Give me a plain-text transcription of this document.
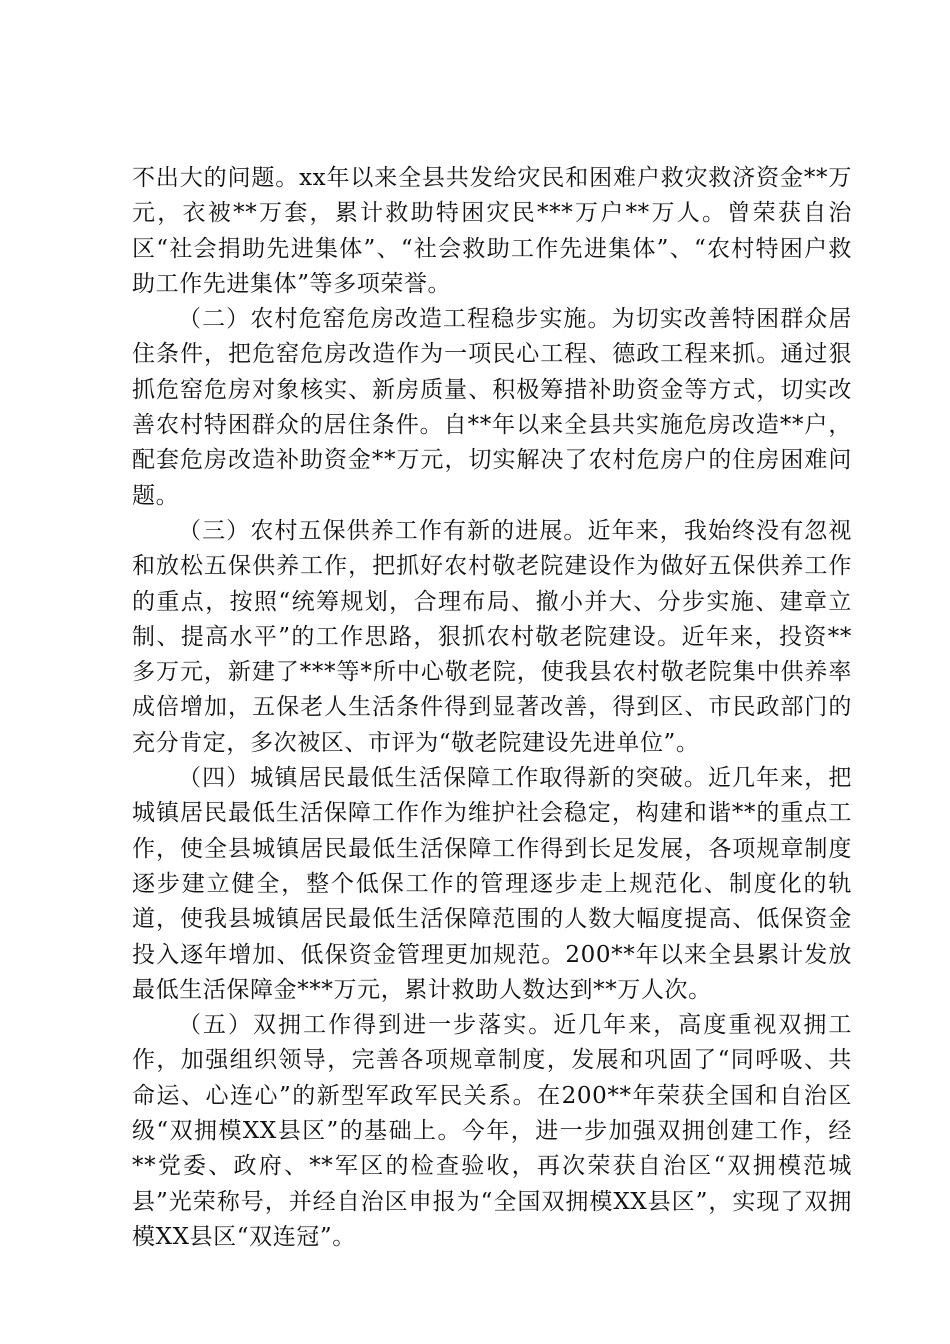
不出大的问题。xx年以来全县共发给灾民和困难户救灾救济资金**万元，衣被**万套，累计救助特困灾民***万户**万人。曾荣获自治区“社会捐助先进集体”、“社会救助工作先进集体”、“农村特困户救助工作先进集体”等多项荣誉。

（二）农村危窑危房改造工程稳步实施。为切实改善特困群众居住条件，把危窑危房改造作为一项民心工程、德政工程来抓。通过狠抓危窑危房对象核实、新房质量、积极筹措补助资金等方式，切实改善农村特困群众的居住条件。自**年以来全县共实施危房改造**户，配套危房改造补助资金**万元，切实解决了农村危房户的住房困难问题。

（三）农村五保供养工作有新的进展。近年来，我始终没有忽视和放松五保供养工作，把抓好农村敬老院建设作为做好五保供养工作的重点，按照“统筹规划，合理布局、撤小并大、分步实施、建章立制、提高水平”的工作思路，狠抓农村敬老院建设。近年来，投资**多万元，新建了***等*所中心敬老院，使我县农村敬老院集中供养率成倍增加，五保老人生活条件得到显著改善，得到区、市民政部门的充分肯定，多次被区、市评为“敬老院建设先进单位”。

（四）城镇居民最低生活保障工作取得新的突破。近几年来，把城镇居民最低生活保障工作作为维护社会稳定，构建和谐**的重点工作，使全县城镇居民最低生活保障工作得到长足发展，各项规章制度逐步建立健全，整个低保工作的管理逐步走上规范化、制度化的轨道，使我县城镇居民最低生活保障范围的人数大幅度提高、低保资金投入逐年增加、低保资金管理更加规范。200**年以来全县累计发放最低生活保障金***万元，累计救助人数达到**万人次。

（五）双拥工作得到进一步落实。近几年来，高度重视双拥工作，加强组织领导，完善各项规章制度，发展和巩固了“同呼吸、共命运、心连心”的新型军政军民关系。在200**年荣获全国和自治区级“双拥模XX县区”的基础上。今年，进一步加强双拥创建工作，经**党委、政府、**军区的检查验收，再次荣获自治区“双拥模范城县”光荣称号，并经自治区申报为“全国双拥模XX县区”，实现了双拥模XX县区“双连冠”。
